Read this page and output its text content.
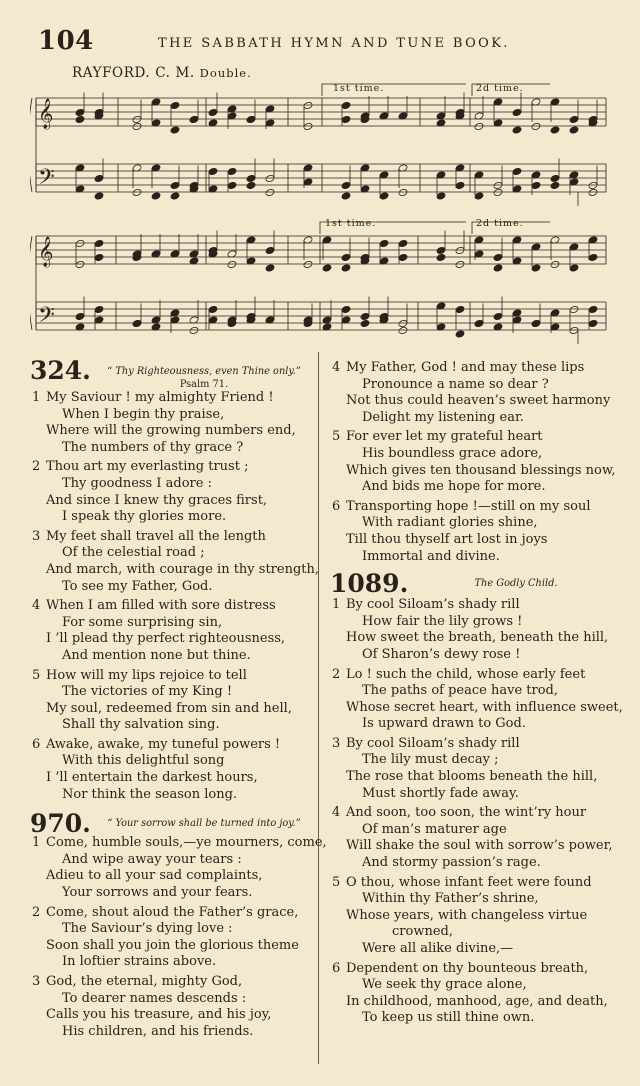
104	THE SABBATH HYMN AND TUNE BOOK.
RAYFORD. C. M. Double.
𝄞
𝄢
𝄞
𝄢
1st time.	2d time.
1st time.	2d time.
324.	“ Thy Righteousness, even Thine only.”
Psalm 71.
1 My Saviour ! my almighty Friend !
When I begin thy praise,
Where will the growing numbers end,
The numbers of thy grace ?
2 Thou art my everlasting trust ;
Thy goodness I adore :
And since I knew thy graces first,
I speak thy glories more.
3 My feet shall travel all the length
Of the celestial road ;
And march, with courage in thy strength,
To see my Father, God.
4 When I am filled with sore distress
For some surprising sin,
I ’ll plead thy perfect righteousness,
And mention none but thine.
5 How will my lips rejoice to tell
The victories of my King !
My soul, redeemed from sin and hell,
Shall thy salvation sing.
6 Awake, awake, my tuneful powers !
With this delightful song
I ’ll entertain the darkest hours,
Nor think the season long.
970.	“ Your sorrow shall be turned into joy.”
1 Come, humble souls,—ye mourners, come,
And wipe away your tears :
Adieu to all your sad complaints,
Your sorrows and your fears.
2 Come, shout aloud the Father’s grace,
The Saviour’s dying love :
Soon shall you join the glorious theme
In loftier strains above.
3 God, the eternal, mighty God,
To dearer names descends :
Calls you his treasure, and his joy,
His children, and his friends.
4 My Father, God ! and may these lips
Pronounce a name so dear ?
Not thus could heaven’s sweet harmony
Delight my listening ear.
5 For ever let my grateful heart
His boundless grace adore,
Which gives ten thousand blessings now,
And bids me hope for more.
6 Transporting hope !—still on my soul
With radiant glories shine,
Till thou thyself art lost in joys
Immortal and divine.
1089.	The Godly Child.
1 By cool Siloam’s shady rill
How fair the lily grows !
How sweet the breath, beneath the hill,
Of Sharon’s dewy rose !
2 Lo ! such the child, whose early feet
The paths of peace have trod,
Whose secret heart, with influence sweet,
Is upward drawn to God.
3 By cool Siloam’s shady rill
The lily must decay ;
The rose that blooms beneath the hill,
Must shortly fade away.
4 And soon, too soon, the wint’ry hour
Of man’s maturer age
Will shake the soul with sorrow’s power,
And stormy passion’s rage.
5 O thou, whose infant feet were found
Within thy Father’s shrine,
Whose years, with changeless virtue
crowned,
Were all alike divine,—
6 Dependent on thy bounteous breath,
We seek thy grace alone,
In childhood, manhood, age, and death,
To keep us still thine own.
